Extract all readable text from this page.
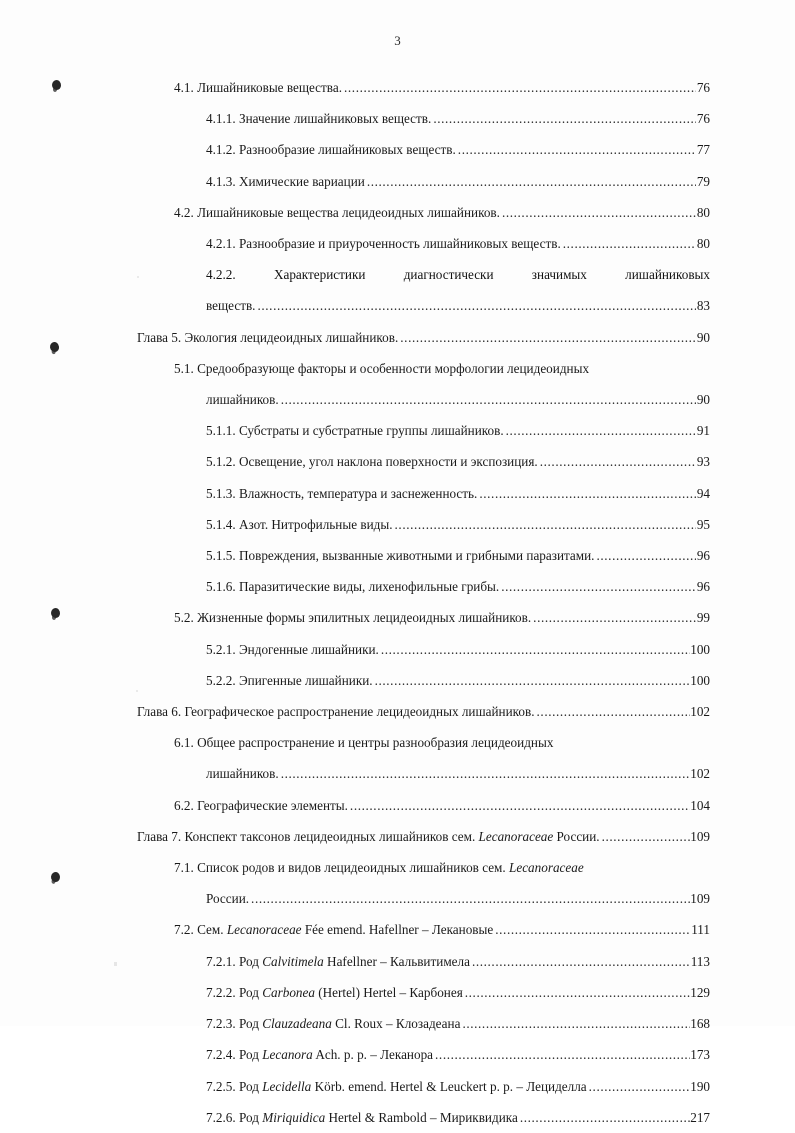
3
4.1. Лишайниковые вещества. .....	76
4.1.1. Значение лишайниковых веществ. .....	76
4.1.2. Разнообразие лишайниковых веществ. .....	77
4.1.3. Химические вариации .....	79
4.2. Лишайниковые вещества лецидеоидных лишайников. .....	80
4.2.1. Разнообразие и приуроченность лишайниковых веществ. .....	80
4.2.2. Характеристики диагностически значимых лишайниковых
веществ. .....	83
Глава 5. Экология лецидеоидных лишайников. .....	90
5.1. Средообразующе факторы и особенности морфологии лецидеоидных
лишайников. .....	90
5.1.1. Субстраты и субстратные группы лишайников. .....	91
5.1.2. Освещение, угол наклона поверхности и экспозиция. .....	93
5.1.3. Влажность, температура и заснеженность. .....	94
5.1.4. Азот. Нитрофильные виды. .....	95
5.1.5. Повреждения, вызванные животными и грибными паразитами. .....	96
5.1.6. Паразитические виды, лихенофильные грибы. .....	96
5.2. Жизненные формы эпилитных лецидеоидных лишайников. .....	99
5.2.1. Эндогенные лишайники. .....	100
5.2.2. Эпигенные лишайники. .....	100
Глава 6. Географическое распространение лецидеоидных лишайников. .....	102
6.1. Общее распространение и центры разнообразия лецидеоидных
лишайников. .....	102
6.2. Географические элементы. .....	104
Глава 7. Конспект таксонов лецидеоидных лишайников сем. Lecanoraceae России. .....	109
7.1. Список родов и видов лецидеоидных лишайников сем. Lecanoraceae
России. .....	109
7.2. Сем. Lecanoraceae Fée emend. Hafellner – Лекановые .....	111
7.2.1. Род Calvitimela Hafellner – Кальвитимела .....	113
7.2.2. Род Carbonea (Hertel) Hertel – Карбонея .....	129
7.2.3. Род Clauzadeana Cl. Roux – Клозадеана .....	168
7.2.4. Род Lecanora Ach. p. p. – Леканора .....	173
7.2.5. Род Lecidella Körb. emend. Hertel & Leuckert p. p. – Лециделла .....	190
7.2.6. Род Miriquidica Hertel & Rambold – Мириквидика .....	217
